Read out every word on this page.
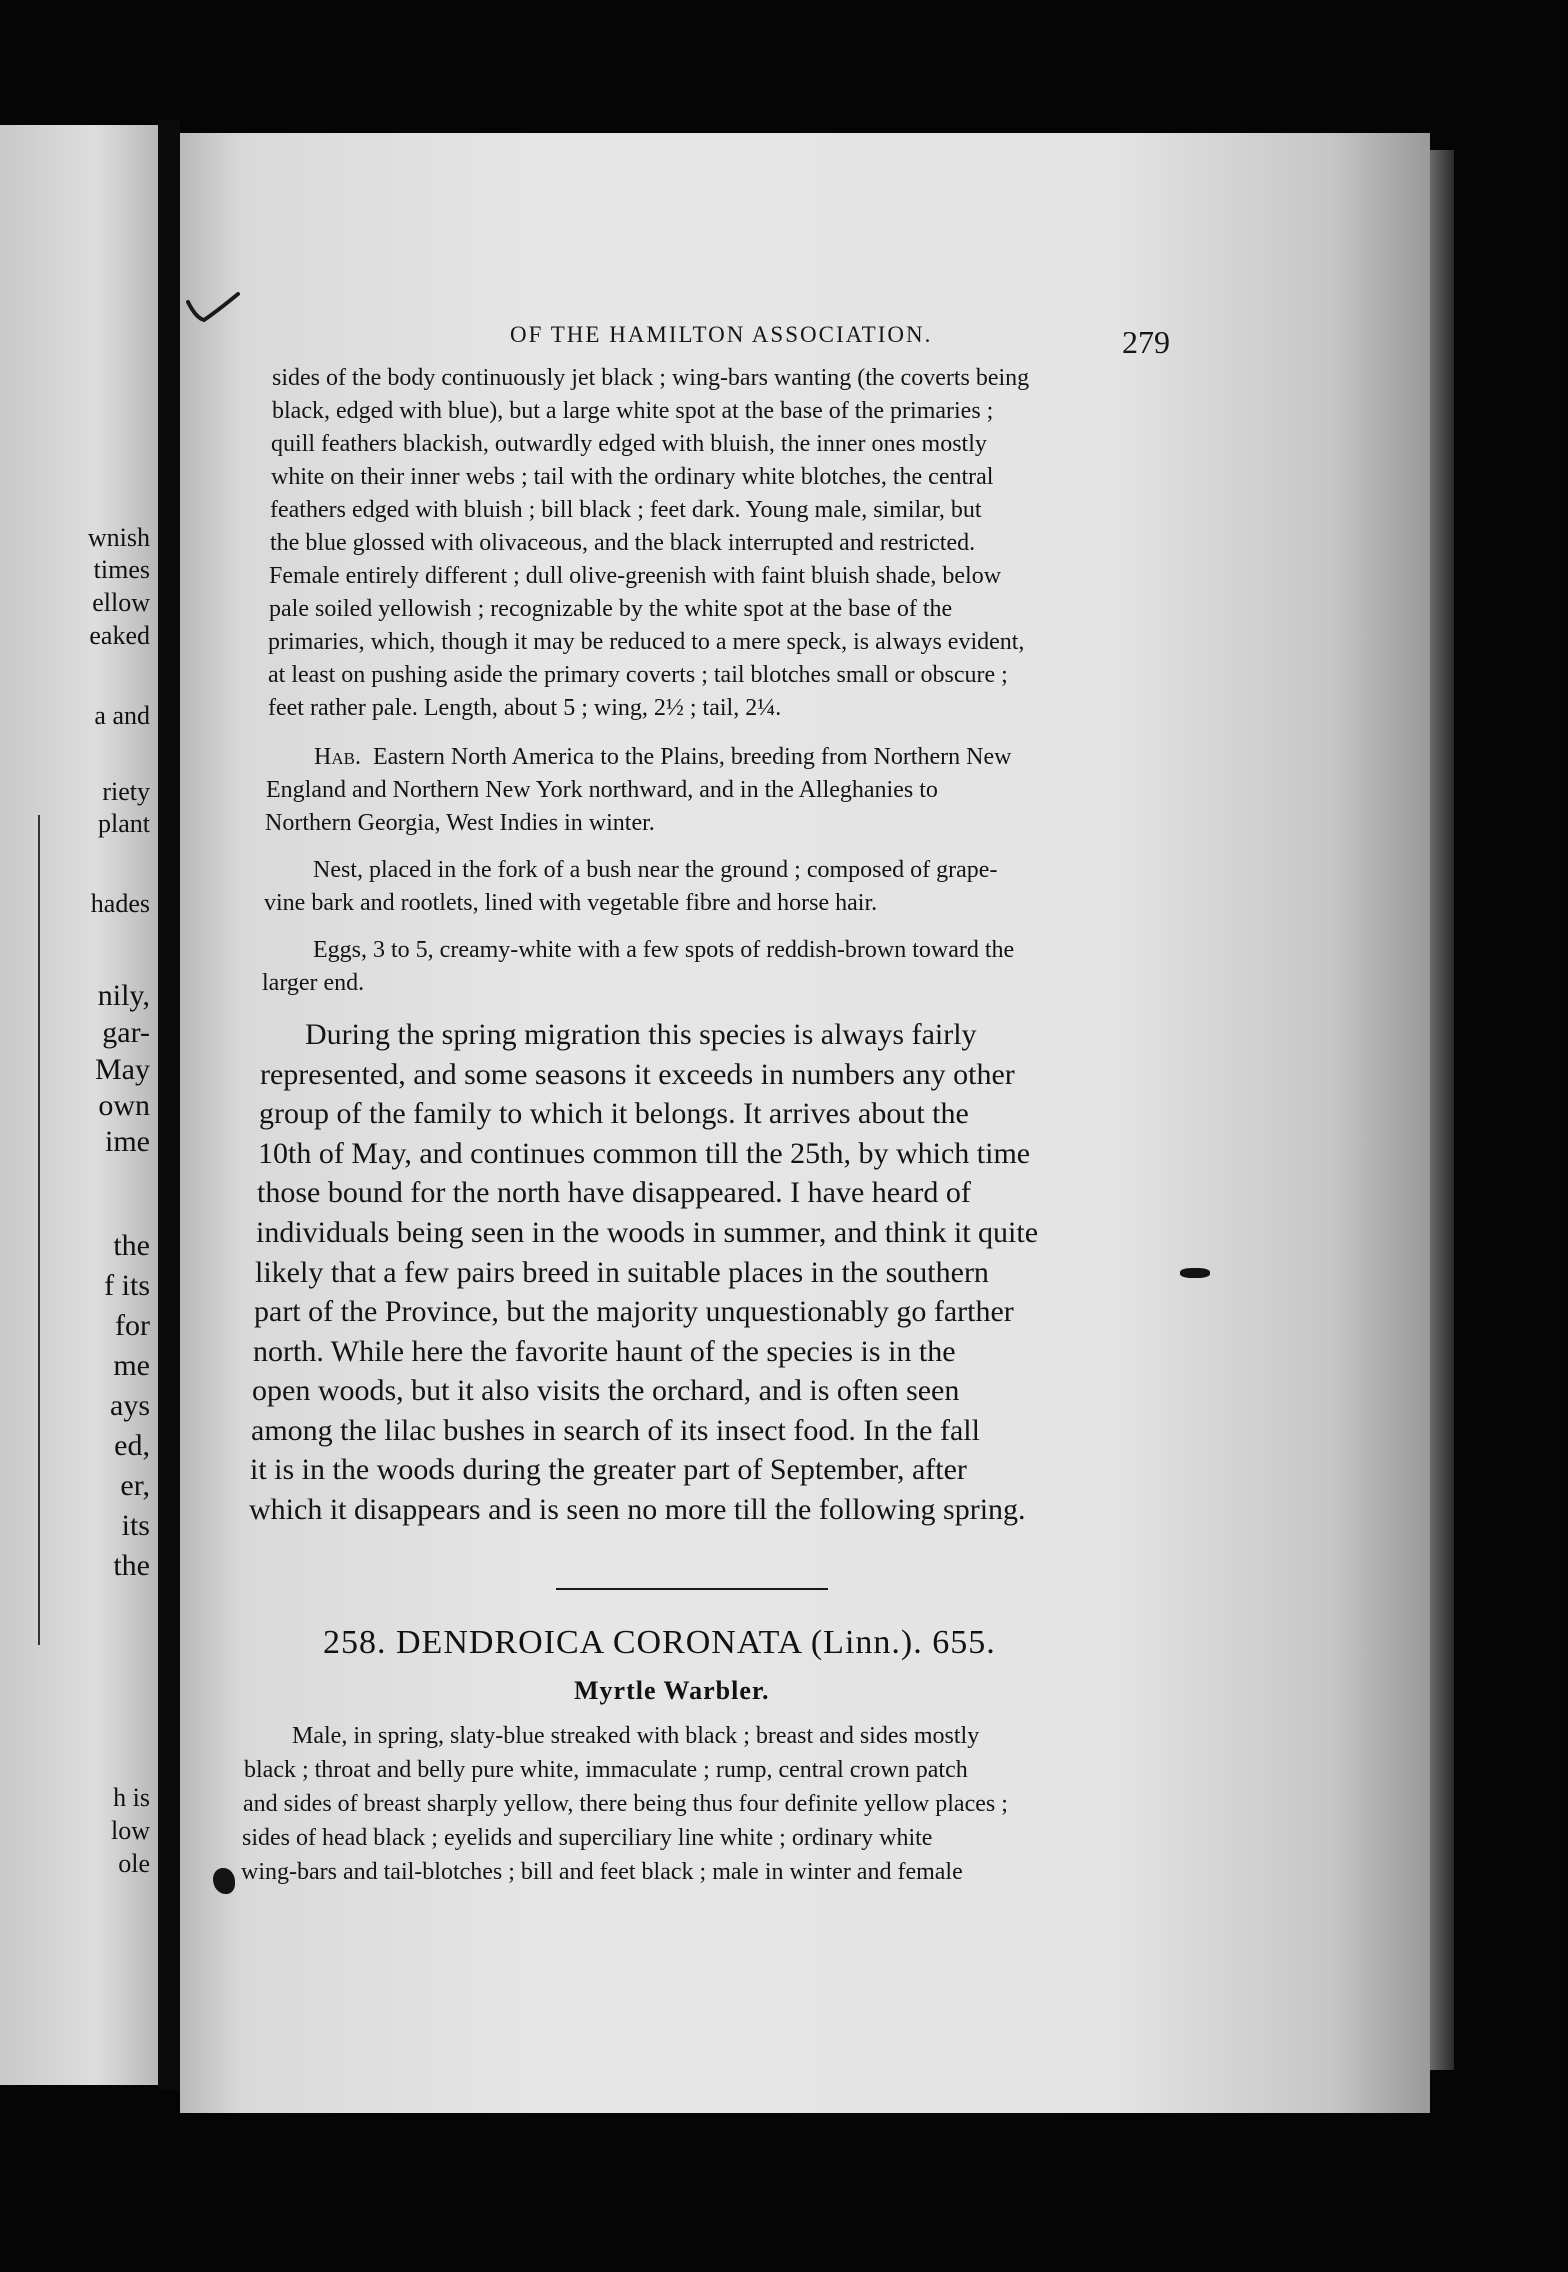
wnish
times
ellow
eaked
a and
riety
plant
hades
nily,
gar-
May
own
ime
the
f its
for
me
ays
ed,
er,
its
the
h is
low
ole
OF THE HAMILTON ASSOCIATION.	279
sides of the body continuously jet black ; wing-bars wanting (the coverts being
black, edged with blue), but a large white spot at the base of the primaries ;
quill feathers blackish, outwardly edged with bluish, the inner ones mostly
white on their inner webs ; tail with the ordinary white blotches, the central
feathers edged with bluish ; bill black ; feet dark. Young male, similar, but
the blue glossed with olivaceous, and the black interrupted and restricted.
Female entirely different ; dull olive-greenish with faint bluish shade, below
pale soiled yellowish ; recognizable by the white spot at the base of the
primaries, which, though it may be reduced to a mere speck, is always evident,
at least on pushing aside the primary coverts ; tail blotches small or obscure ;
feet rather pale. Length, about 5 ; wing, 2½ ; tail, 2¼.
Hab. Eastern North America to the Plains, breeding from Northern New
England and Northern New York northward, and in the Alleghanies to
Northern Georgia, West Indies in winter.
Nest, placed in the fork of a bush near the ground ; composed of grape-
vine bark and rootlets, lined with vegetable fibre and horse hair.
Eggs, 3 to 5, creamy-white with a few spots of reddish-brown toward the
larger end.
During the spring migration this species is always fairly
represented, and some seasons it exceeds in numbers any other
group of the family to which it belongs. It arrives about the
10th of May, and continues common till the 25th, by which time
those bound for the north have disappeared. I have heard of
individuals being seen in the woods in summer, and think it quite
likely that a few pairs breed in suitable places in the southern
part of the Province, but the majority unquestionably go farther
north. While here the favorite haunt of the species is in the
open woods, but it also visits the orchard, and is often seen
among the lilac bushes in search of its insect food. In the fall
it is in the woods during the greater part of September, after
which it disappears and is seen no more till the following spring.
258. DENDROICA CORONATA (Linn.). 655.
Myrtle Warbler.
Male, in spring, slaty-blue streaked with black ; breast and sides mostly
black ; throat and belly pure white, immaculate ; rump, central crown patch
and sides of breast sharply yellow, there being thus four definite yellow places ;
sides of head black ; eyelids and superciliary line white ; ordinary white
wing-bars and tail-blotches ; bill and feet black ; male in winter and female
